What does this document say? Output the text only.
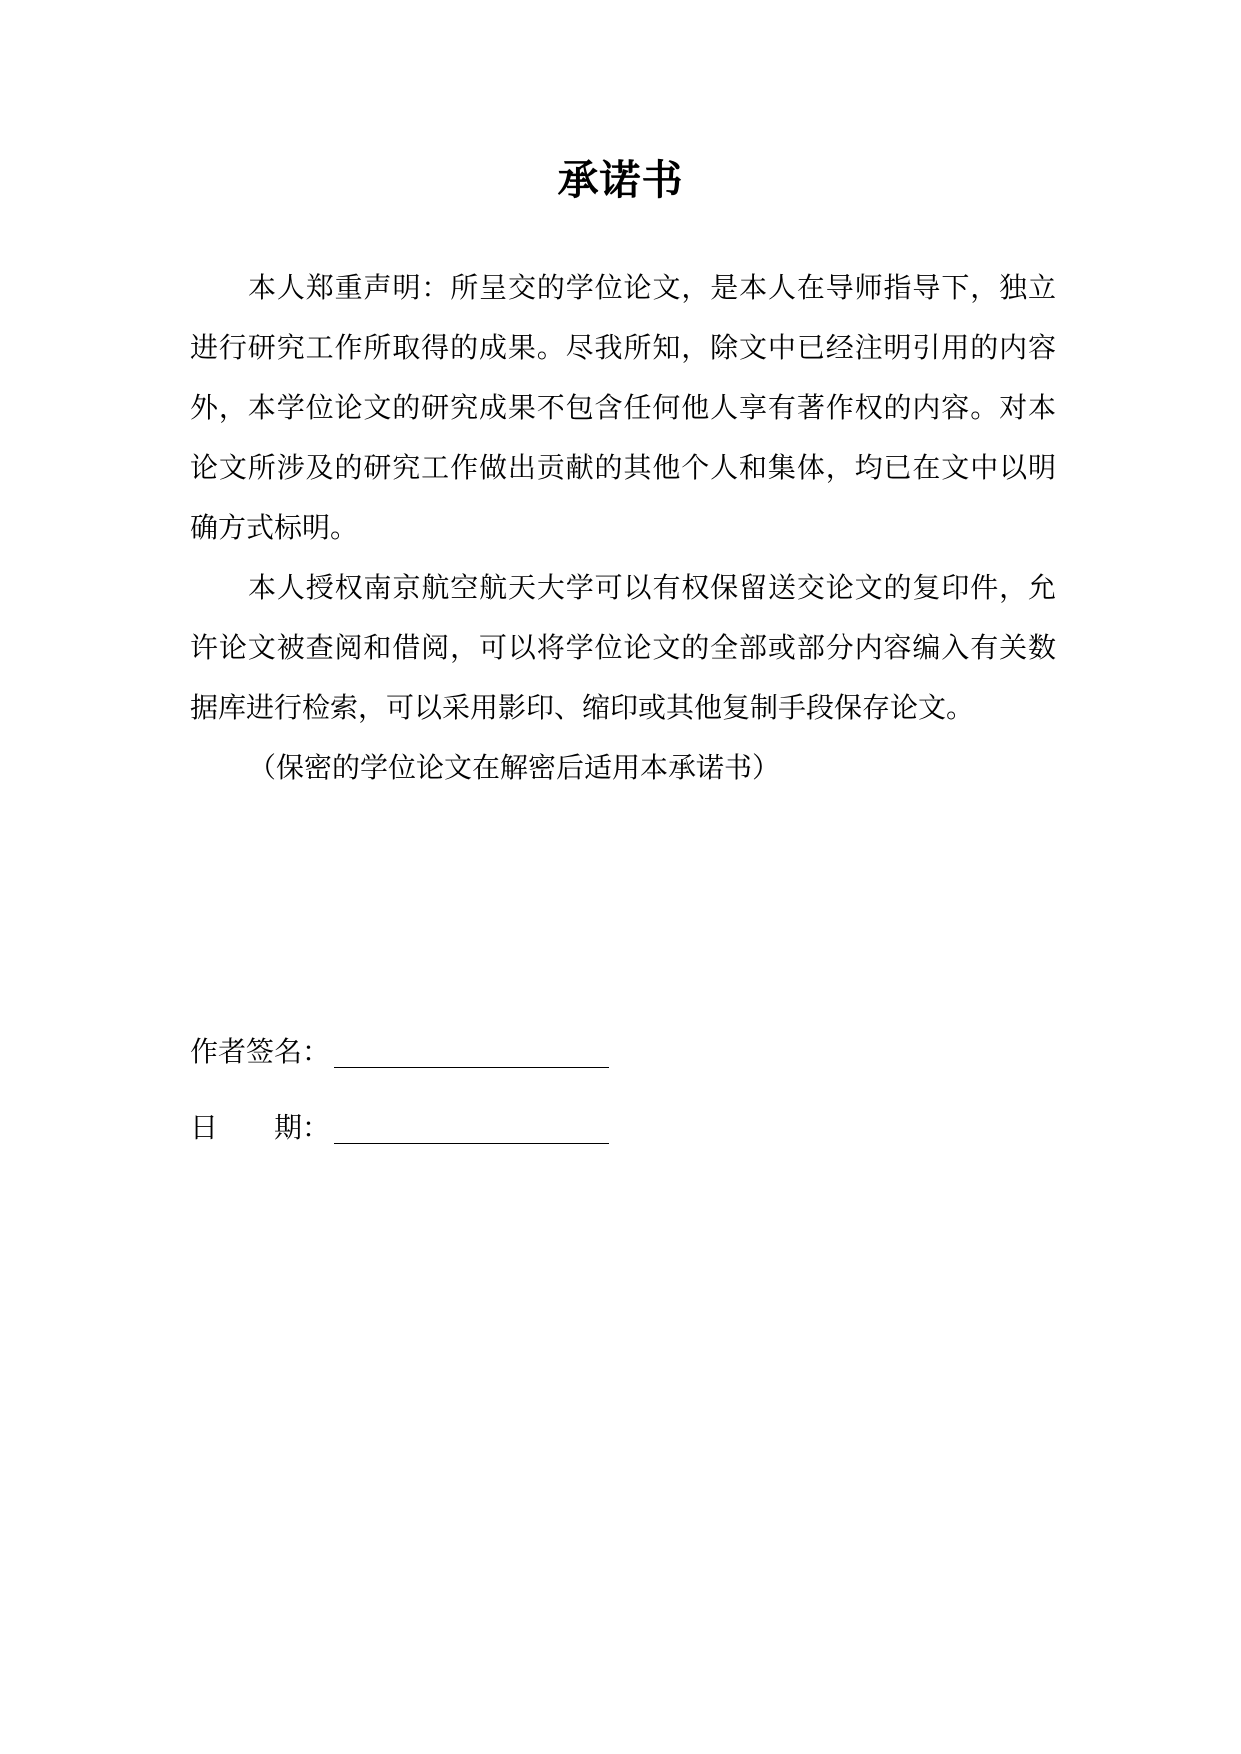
承诺书

本人郑重声明：所呈交的学位论文，是本人在导师指导下，独立进行研究工作所取得的成果。尽我所知，除文中已经注明引用的内容外，本学位论文的研究成果不包含任何他人享有著作权的内容。对本论文所涉及的研究工作做出贡献的其他个人和集体，均已在文中以明确方式标明。

本人授权南京航空航天大学可以有权保留送交论文的复印件，允许论文被查阅和借阅，可以将学位论文的全部或部分内容编入有关数据库进行检索，可以采用影印、缩印或其他复制手段保存论文。

（保密的学位论文在解密后适用本承诺书）

作者签名：
日　　期：
